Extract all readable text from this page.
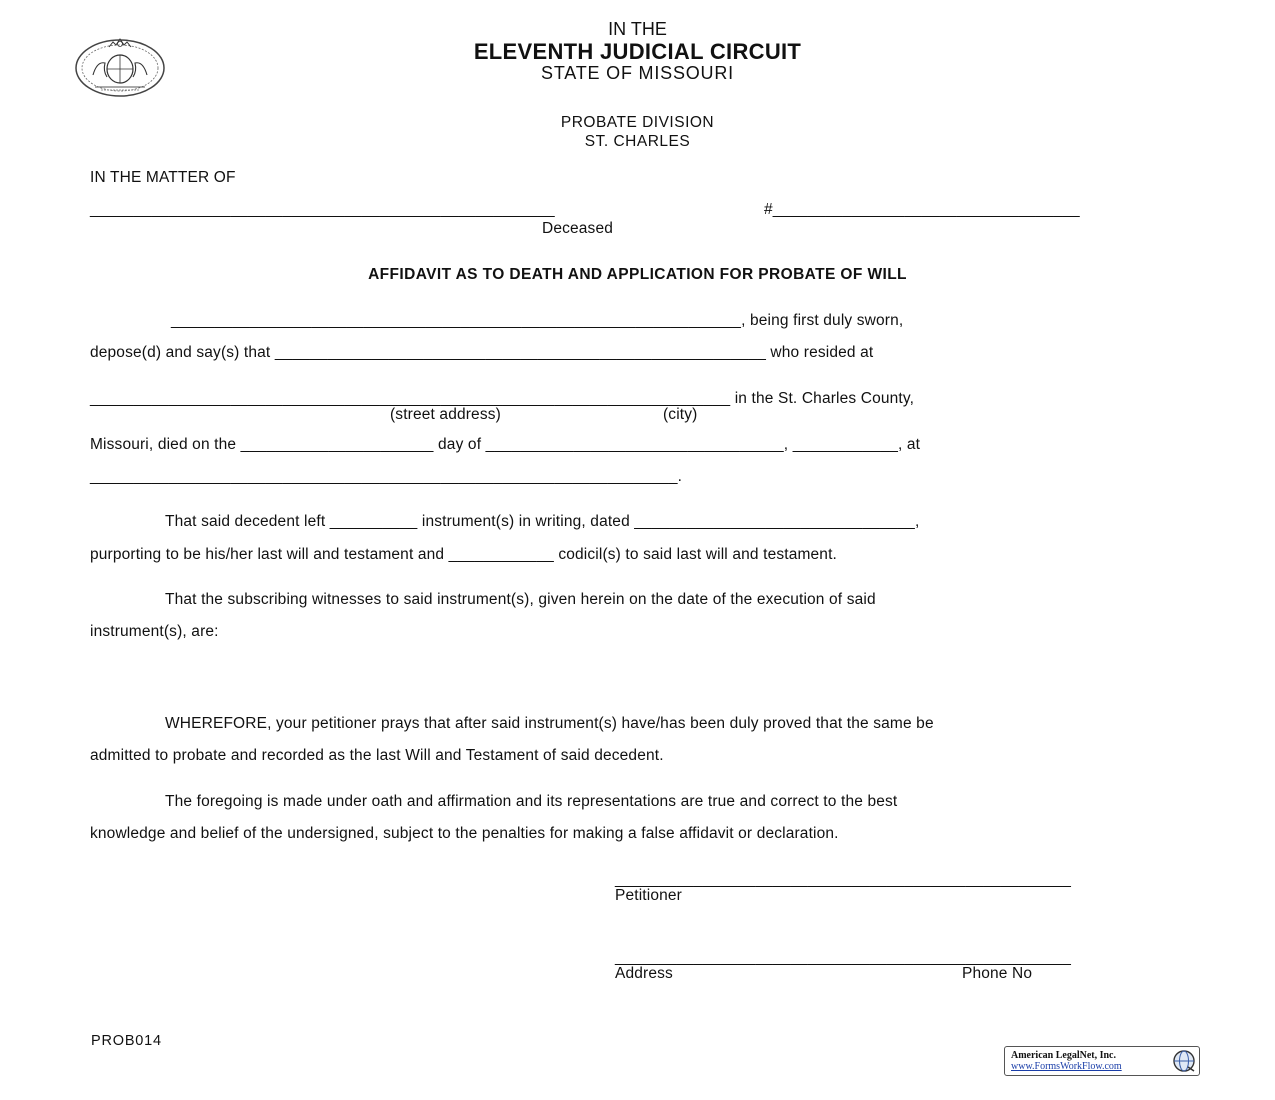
IN THE
ELEVENTH JUDICIAL CIRCUIT
STATE OF MISSOURI
PROBATE DIVISION
ST. CHARLES
IN THE MATTER OF
_____________________________________________________	#___________________________________
Deceased
AFFIDAVIT AS TO DEATH AND APPLICATION FOR PROBATE OF WILL
_________________________________________________________________, being first duly sworn,
depose(d) and say(s) that ________________________________________________________ who resided at
_________________________________________________________________________ in the St. Charles County,
(street address)	(city)
Missouri, died on the ______________________ day of __________________________________, ____________, at
___________________________________________________________________.
That said decedent left __________ instrument(s) in writing, dated ________________________________,
purporting to be his/her last will and testament and ____________ codicil(s) to said last will and testament.
That the subscribing witnesses to said instrument(s), given herein on the date of the execution of said
instrument(s), are:
WHEREFORE, your petitioner prays that after said instrument(s) have/has been duly proved that the same be
admitted to probate and recorded as the last Will and Testament of said decedent.
The foregoing is made under oath and affirmation and its representations are true and correct to the best
knowledge and belief of the undersigned, subject to the penalties for making a false affidavit or declaration.
____________________________________________________
Petitioner
____________________________________________________
Address	Phone No
PROB014
American LegalNet, Inc.
www.FormsWorkFlow.com
